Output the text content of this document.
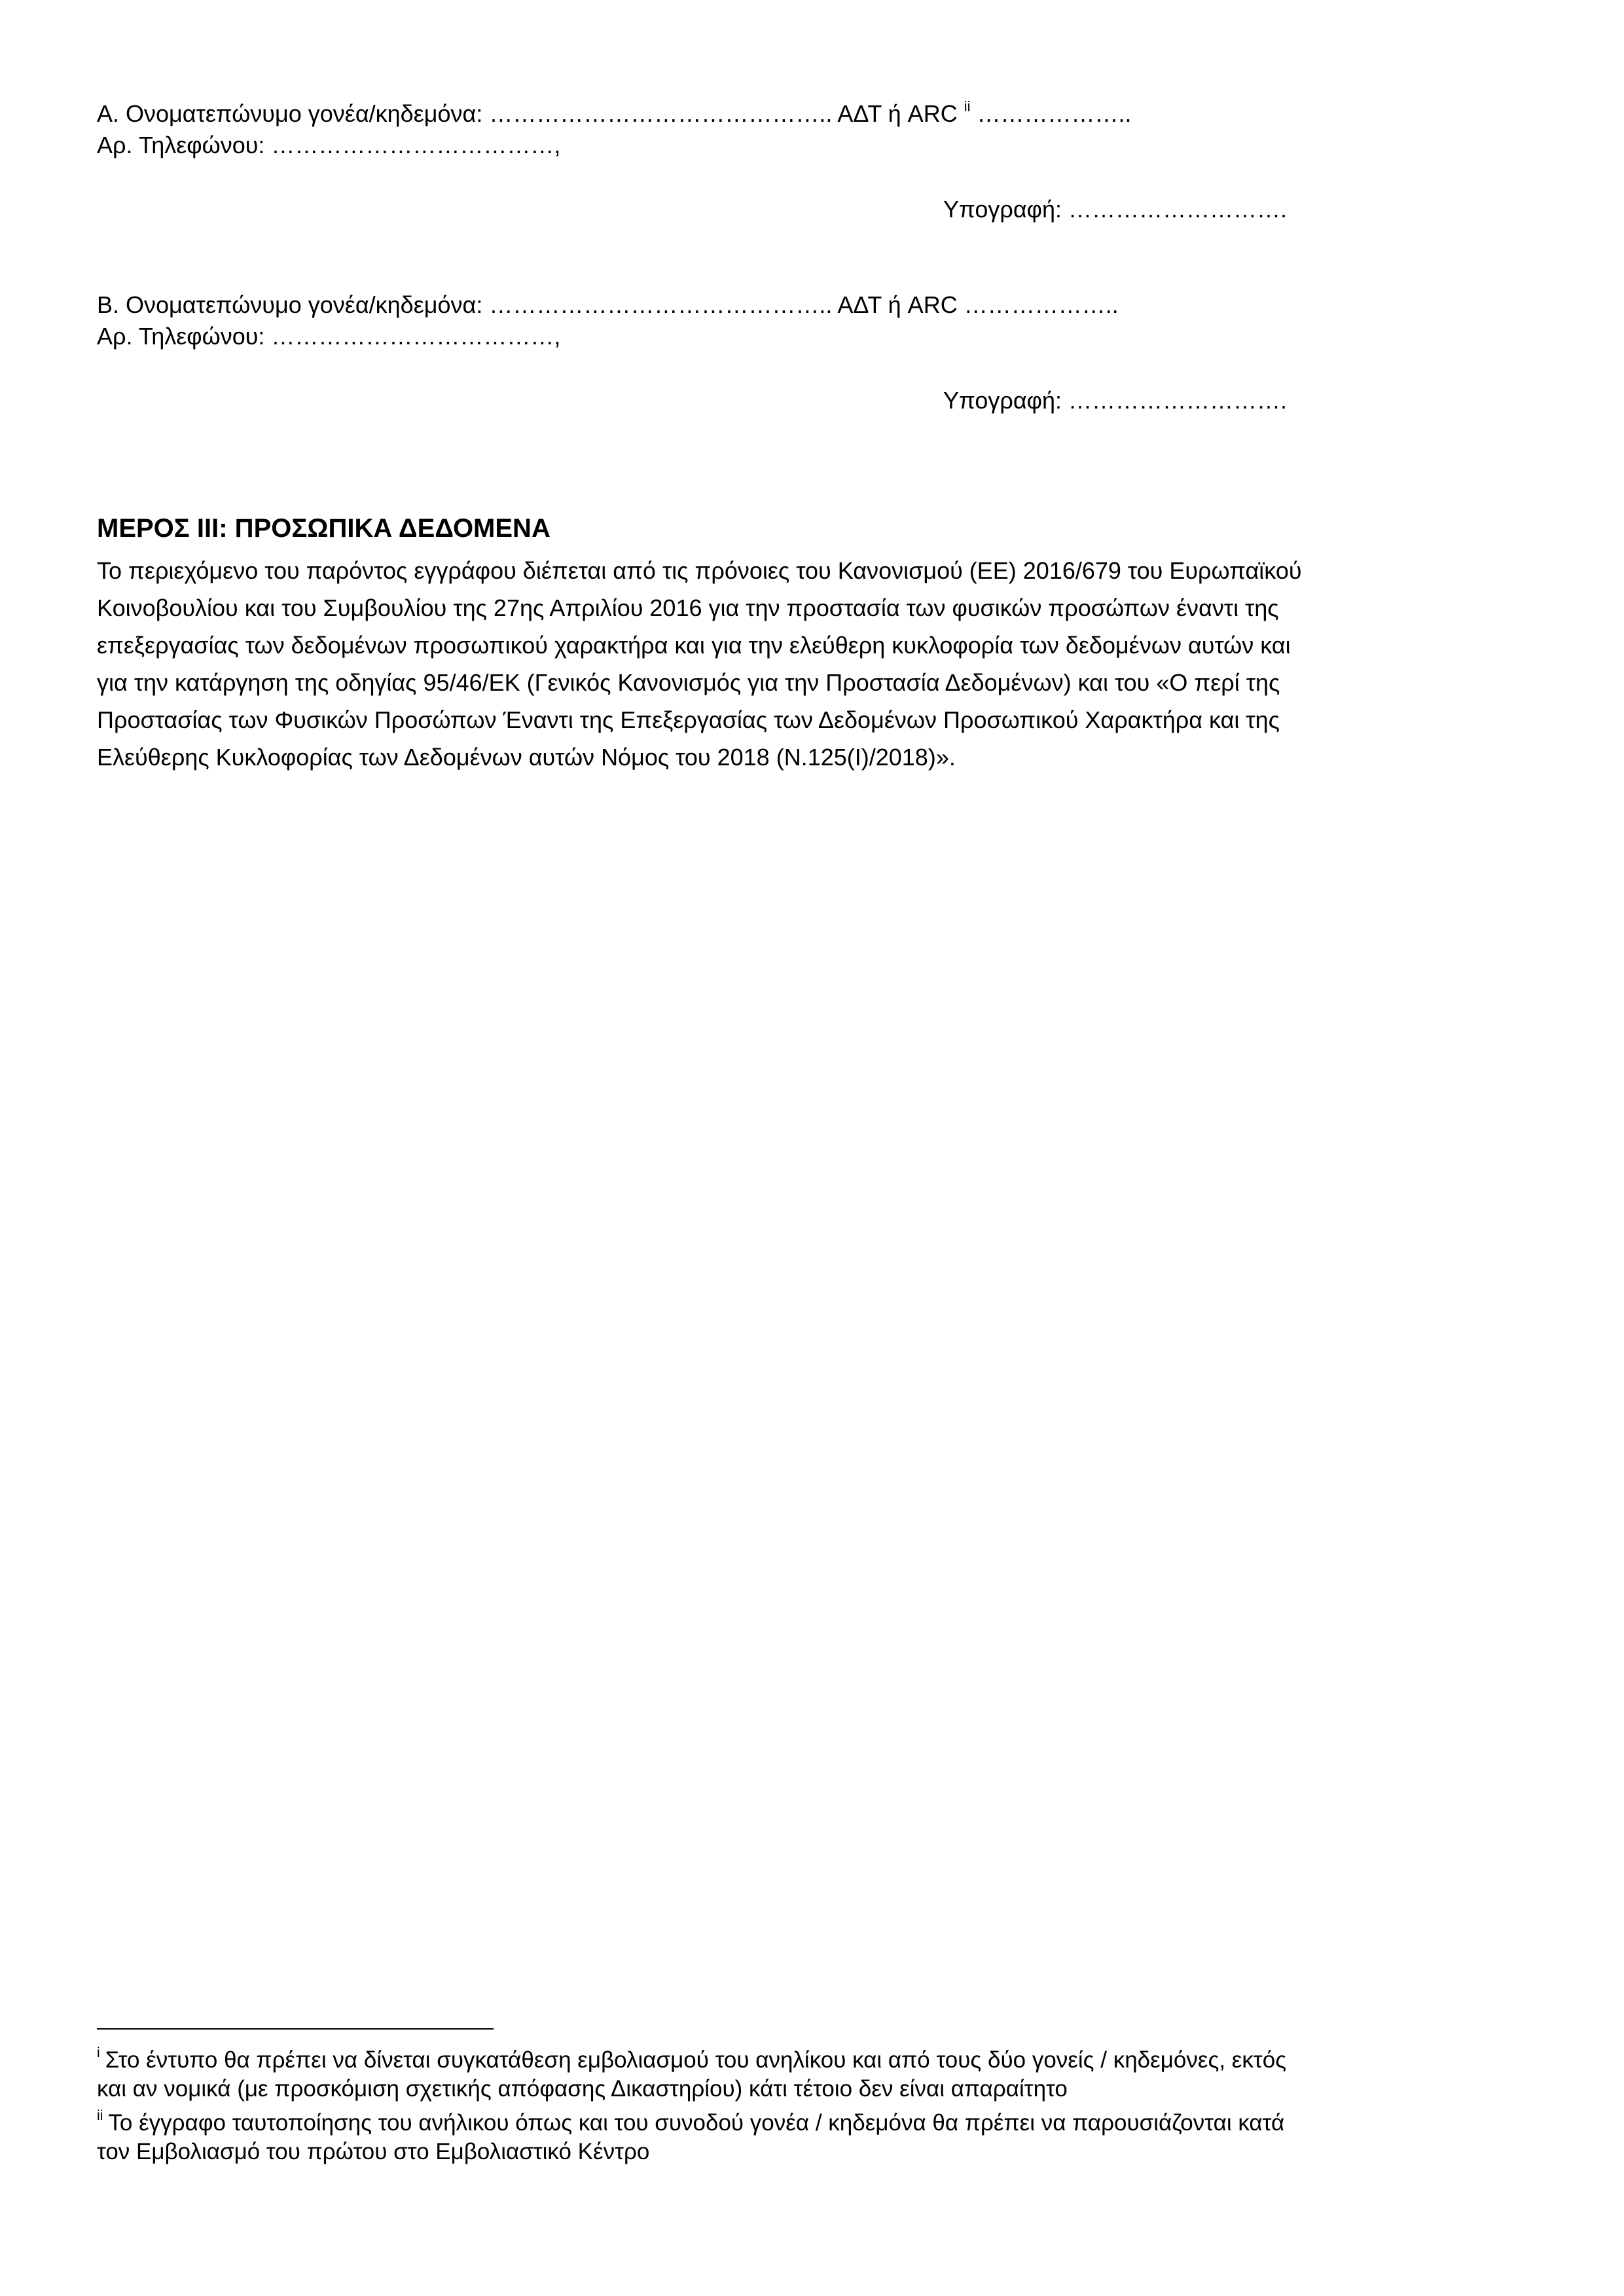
Α. Ονοματεπώνυμο γονέα/κηδεμόνα: …………………………………….. ΑΔΤ ή ARC $^{ii}$ ………………..
Αρ. Τηλεφώνου: ………………………………,
Υπογραφή: ……………………….
Β. Ονοματεπώνυμο γονέα/κηδεμόνα: …………………………………….. ΑΔΤ ή ARC ………………..
Αρ. Τηλεφώνου: ………………………………,
Υπογραφή: ……………………….
ΜΕΡΟΣ III: ΠΡΟΣΩΠΙΚΑ ΔΕΔΟΜΕΝΑ
Το περιεχόμενο του παρόντος εγγράφου διέπεται από τις πρόνοιες του Κανονισμού (ΕΕ) 2016/679 του Ευρωπαϊκού
Κοινοβουλίου και του Συμβουλίου της 27ης Απριλίου 2016 για την προστασία των φυσικών προσώπων έναντι της
επεξεργασίας των δεδομένων προσωπικού χαρακτήρα και για την ελεύθερη κυκλοφορία των δεδομένων αυτών και
για την κατάργηση της οδηγίας 95/46/ΕΚ (Γενικός Κανονισμός για την Προστασία Δεδομένων) και του «Ο περί της
Προστασίας των Φυσικών Προσώπων Έναντι της Επεξεργασίας των Δεδομένων Προσωπικού Χαρακτήρα και της
Ελεύθερης Κυκλοφορίας των Δεδομένων αυτών Νόμος του 2018 (Ν.125(Ι)/2018)».
$^i$ Στο έντυπο θα πρέπει να δίνεται συγκατάθεση εμβολιασμού του ανηλίκου και από τους δύο γονείς / κηδεμόνες, εκτός
και αν νομικά (με προσκόμιση σχετικής απόφασης Δικαστηρίου) κάτι τέτοιο δεν είναι απαραίτητο
$^{ii}$ Το έγγραφο ταυτοποίησης του ανήλικου όπως και του συνοδού γονέα / κηδεμόνα θα πρέπει να παρουσιάζονται κατά
τον Εμβολιασμό του πρώτου στο Εμβολιαστικό Κέντρο
